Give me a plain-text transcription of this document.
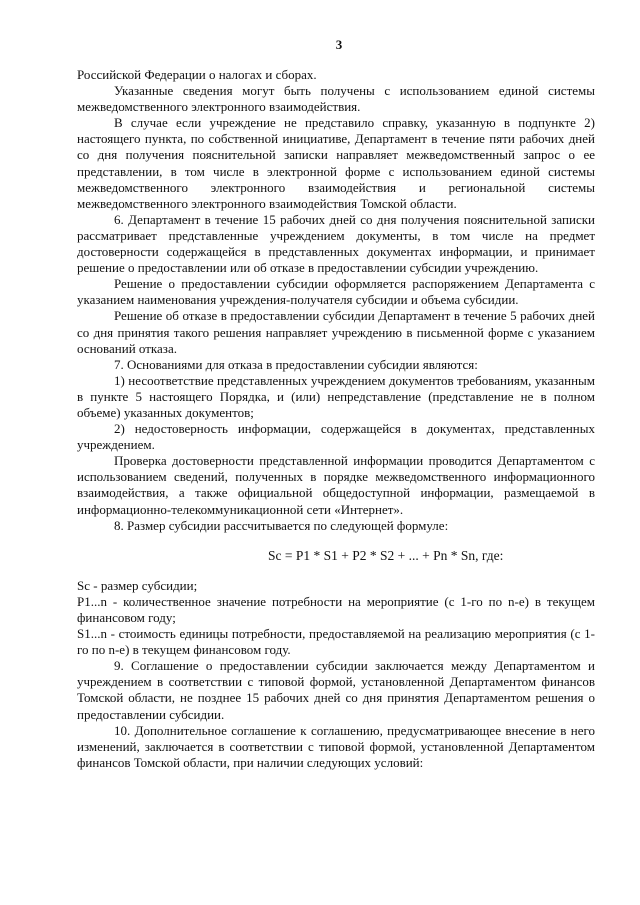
3

Российской Федерации о налогах и сборах.

Указанные сведения могут быть получены с использованием единой системы межведомственного электронного взаимодействия.

В случае если учреждение не представило справку, указанную в подпункте 2) настоящего пункта, по собственной инициативе, Департамент в течение пяти рабочих дней со дня получения пояснительной записки направляет межведомственный запрос о ее представлении, в том числе в электронной форме с использованием единой системы межведомственного электронного взаимодействия и региональной системы межведомственного электронного взаимодействия Томской области.

6. Департамент в течение 15 рабочих дней со дня получения пояснительной записки рассматривает представленные учреждением документы, в том числе на предмет достоверности содержащейся в представленных документах информации, и принимает решение о предоставлении или об отказе в предоставлении субсидии учреждению.

Решение о предоставлении субсидии оформляется распоряжением Департамента с указанием наименования учреждения-получателя субсидии и объема субсидии.

Решение об отказе в предоставлении субсидии Департамент в течение 5 рабочих дней со дня принятия такого решения направляет учреждению в письменной форме с указанием оснований отказа.

7. Основаниями для отказа в предоставлении субсидии являются:

1) несоответствие представленных учреждением документов требованиям, указанным в пункте 5 настоящего Порядка, и (или) непредставление (представление не в полном объеме) указанных документов;

2) недостоверность информации, содержащейся в документах, представленных учреждением.

Проверка достоверности представленной информации проводится Департаментом с использованием сведений, полученных в порядке межведомственного информационного взаимодействия, а также официальной общедоступной информации, размещаемой в информационно-телекоммуникационной сети «Интернет».

8. Размер субсидии рассчитывается по следующей формуле:

Sc = P1 * S1 + P2 * S2 + ... + Pn * Sn, где:

Sc - размер субсидии;

P1...n - количественное значение потребности на мероприятие (с 1-го по n-е) в текущем финансовом году;

S1...n - стоимость единицы потребности, предоставляемой на реализацию мероприятия (с 1-го по n-е) в текущем финансовом году.

9. Соглашение о предоставлении субсидии заключается между Департаментом и учреждением в соответствии с типовой формой, установленной Департаментом финансов Томской области, не позднее 15 рабочих дней со дня принятия Департаментом решения о предоставлении субсидии.

10. Дополнительное соглашение к соглашению, предусматривающее внесение в него изменений, заключается в соответствии с типовой формой, установленной Департаментом финансов Томской области, при наличии следующих условий:
